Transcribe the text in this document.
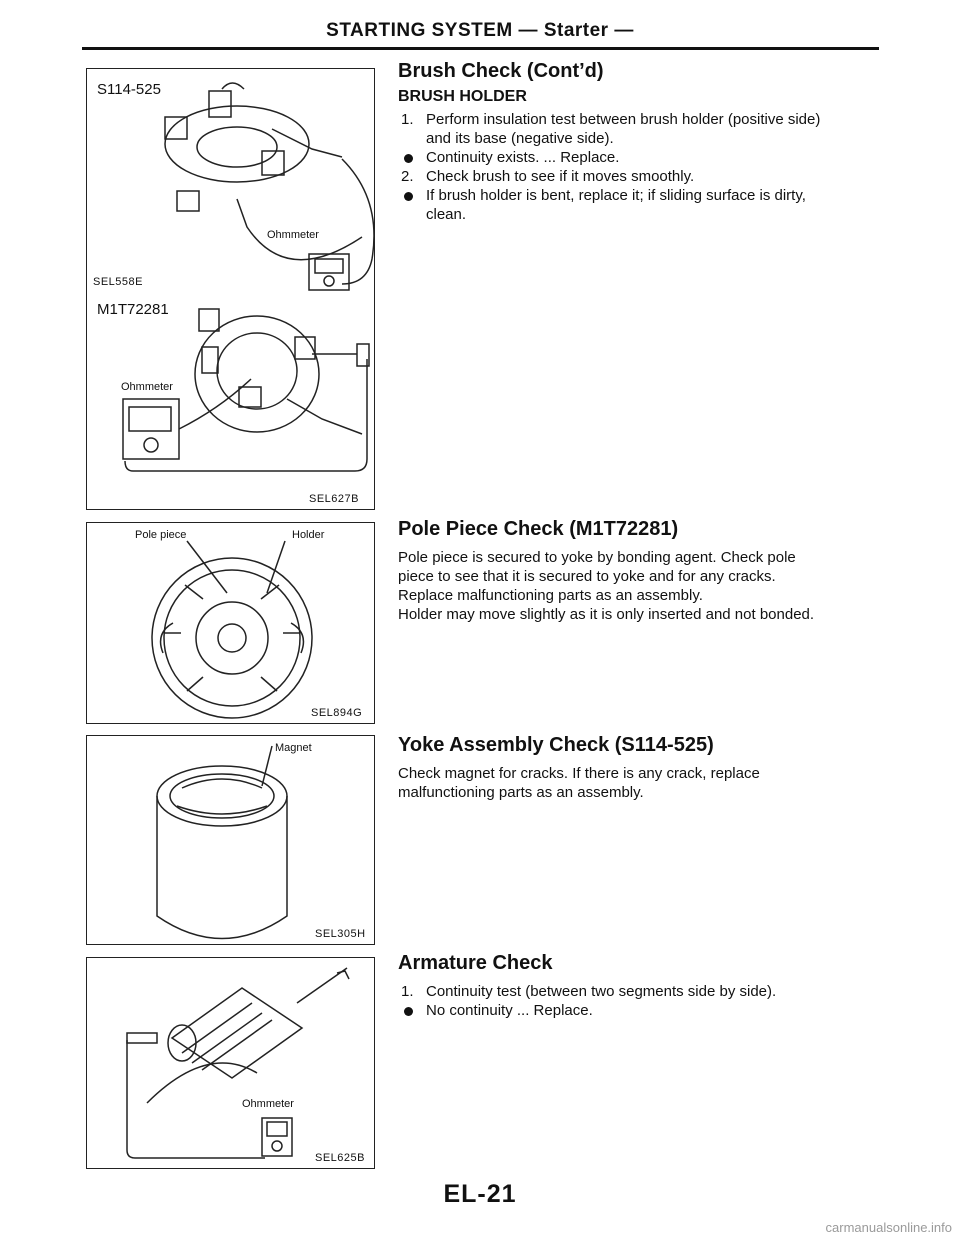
STARTING SYSTEM — Starter —
S114-525
Ohmmeter
SEL558E
M1T72281
Ohmmeter
SEL627B
Pole piece	Holder
SEL894G
Magnet
SEL305H
Ohmmeter
SEL625B
Brush Check (Cont’d)
BRUSH HOLDER
1. Perform insulation test between brush holder (positive side)
and its base (negative side).
Continuity exists. ... Replace.
2. Check brush to see if it moves smoothly.
If brush holder is bent, replace it; if sliding surface is dirty,
clean.
Pole Piece Check (M1T72281)
Pole piece is secured to yoke by bonding agent. Check pole
piece to see that it is secured to yoke and for any cracks.
Replace malfunctioning parts as an assembly.
Holder may move slightly as it is only inserted and not bonded.
Yoke Assembly Check (S114-525)
Check magnet for cracks. If there is any crack, replace
malfunctioning parts as an assembly.
Armature Check
1. Continuity test (between two segments side by side).
No continuity ... Replace.
EL-21
carmanualsonline.info
